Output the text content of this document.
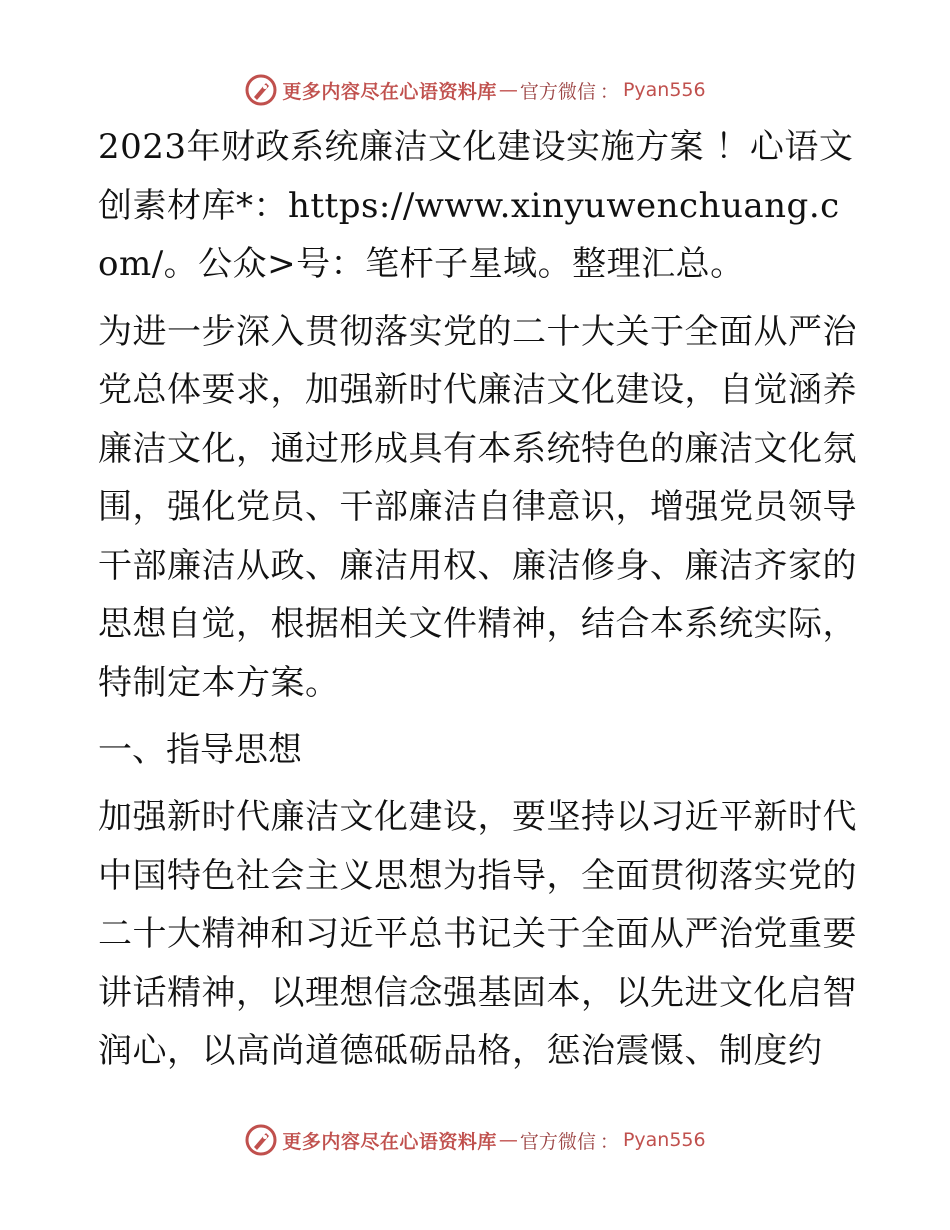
更多内容尽在心语资料库 — 官方微信 ： Pyan556

2023年财政系统廉洁文化建设实施方案 ！心语文创素材库*：https://www.xinyuwenchuang.com/。公众>号：笔杆子星域。整理汇总。

为进一步深入贯彻落实党的二十大关于全面从严治党总体要求，加强新时代廉洁文化建设，自觉涵养廉洁文化，通过形成具有本系统特色的廉洁文化氛围，强化党员、干部廉洁自律意识，增强党员领导干部廉洁从政、廉洁用权、廉洁修身、廉洁齐家的思想自觉，根据相关文件精神，结合本系统实际，特制定本方案。

一、指导思想

加强新时代廉洁文化建设，要坚持以习近平新时代中国特色社会主义思想为指导，全面贯彻落实党的二十大精神和习近平总书记关于全面从严治党重要讲话精神，以理想信念强基固本，以先进文化启智润心，以高尚道德砥砺品格，惩治震慑、制度约

更多内容尽在心语资料库 — 官方微信 ： Pyan556
